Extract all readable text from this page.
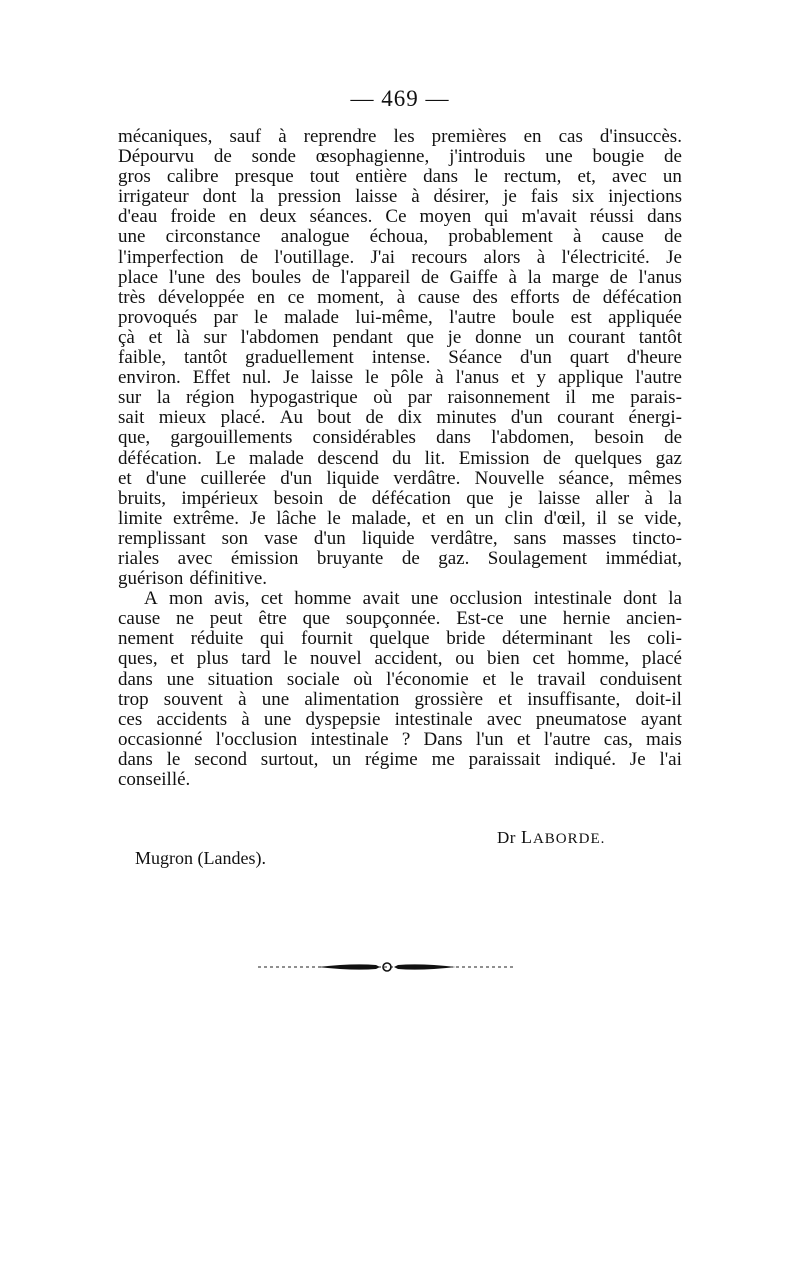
— 469 —
mécaniques, sauf à reprendre les premières en cas d'insuccès.
Dépourvu de sonde œsophagienne, j'introduis une bougie de
gros calibre presque tout entière dans le rectum, et, avec un
irrigateur dont la pression laisse à désirer, je fais six injections
d'eau froide en deux séances. Ce moyen qui m'avait réussi dans
une circonstance analogue échoua, probablement à cause de
l'imperfection de l'outillage. J'ai recours alors à l'électricité. Je
place l'une des boules de l'appareil de Gaiffe à la marge de l'anus
très développée en ce moment, à cause des efforts de défécation
provoqués par le malade lui-même, l'autre boule est appliquée
çà et là sur l'abdomen pendant que je donne un courant tantôt
faible, tantôt graduellement intense. Séance d'un quart d'heure
environ. Effet nul. Je laisse le pôle à l'anus et y applique l'autre
sur la région hypogastrique où par raisonnement il me parais-
sait mieux placé. Au bout de dix minutes d'un courant énergi-
que, gargouillements considérables dans l'abdomen, besoin de
défécation. Le malade descend du lit. Emission de quelques gaz
et d'une cuillerée d'un liquide verdâtre. Nouvelle séance, mêmes
bruits, impérieux besoin de défécation que je laisse aller à la
limite extrême. Je lâche le malade, et en un clin d'œil, il se vide,
remplissant son vase d'un liquide verdâtre, sans masses tincto-
riales avec émission bruyante de gaz. Soulagement immédiat,
guérison définitive.
A mon avis, cet homme avait une occlusion intestinale dont la
cause ne peut être que soupçonnée. Est-ce une hernie ancien-
nement réduite qui fournit quelque bride déterminant les coli-
ques, et plus tard le nouvel accident, ou bien cet homme, placé
dans une situation sociale où l'économie et le travail conduisent
trop souvent à une alimentation grossière et insuffisante, doit-il
ces accidents à une dyspepsie intestinale avec pneumatose ayant
occasionné l'occlusion intestinale ? Dans l'un et l'autre cas, mais
dans le second surtout, un régime me paraissait indiqué. Je l'ai
conseillé.
Dr LABORDE.
Mugron (Landes).
